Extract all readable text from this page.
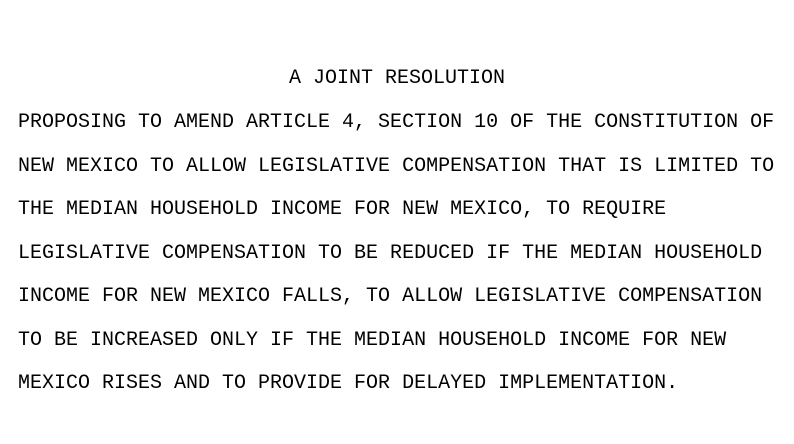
A JOINT RESOLUTION
PROPOSING TO AMEND ARTICLE 4, SECTION 10 OF THE CONSTITUTION OF
NEW MEXICO TO ALLOW LEGISLATIVE COMPENSATION THAT IS LIMITED TO
THE MEDIAN HOUSEHOLD INCOME FOR NEW MEXICO, TO REQUIRE
LEGISLATIVE COMPENSATION TO BE REDUCED IF THE MEDIAN HOUSEHOLD
INCOME FOR NEW MEXICO FALLS, TO ALLOW LEGISLATIVE COMPENSATION
TO BE INCREASED ONLY IF THE MEDIAN HOUSEHOLD INCOME FOR NEW
MEXICO RISES AND TO PROVIDE FOR DELAYED IMPLEMENTATION.
